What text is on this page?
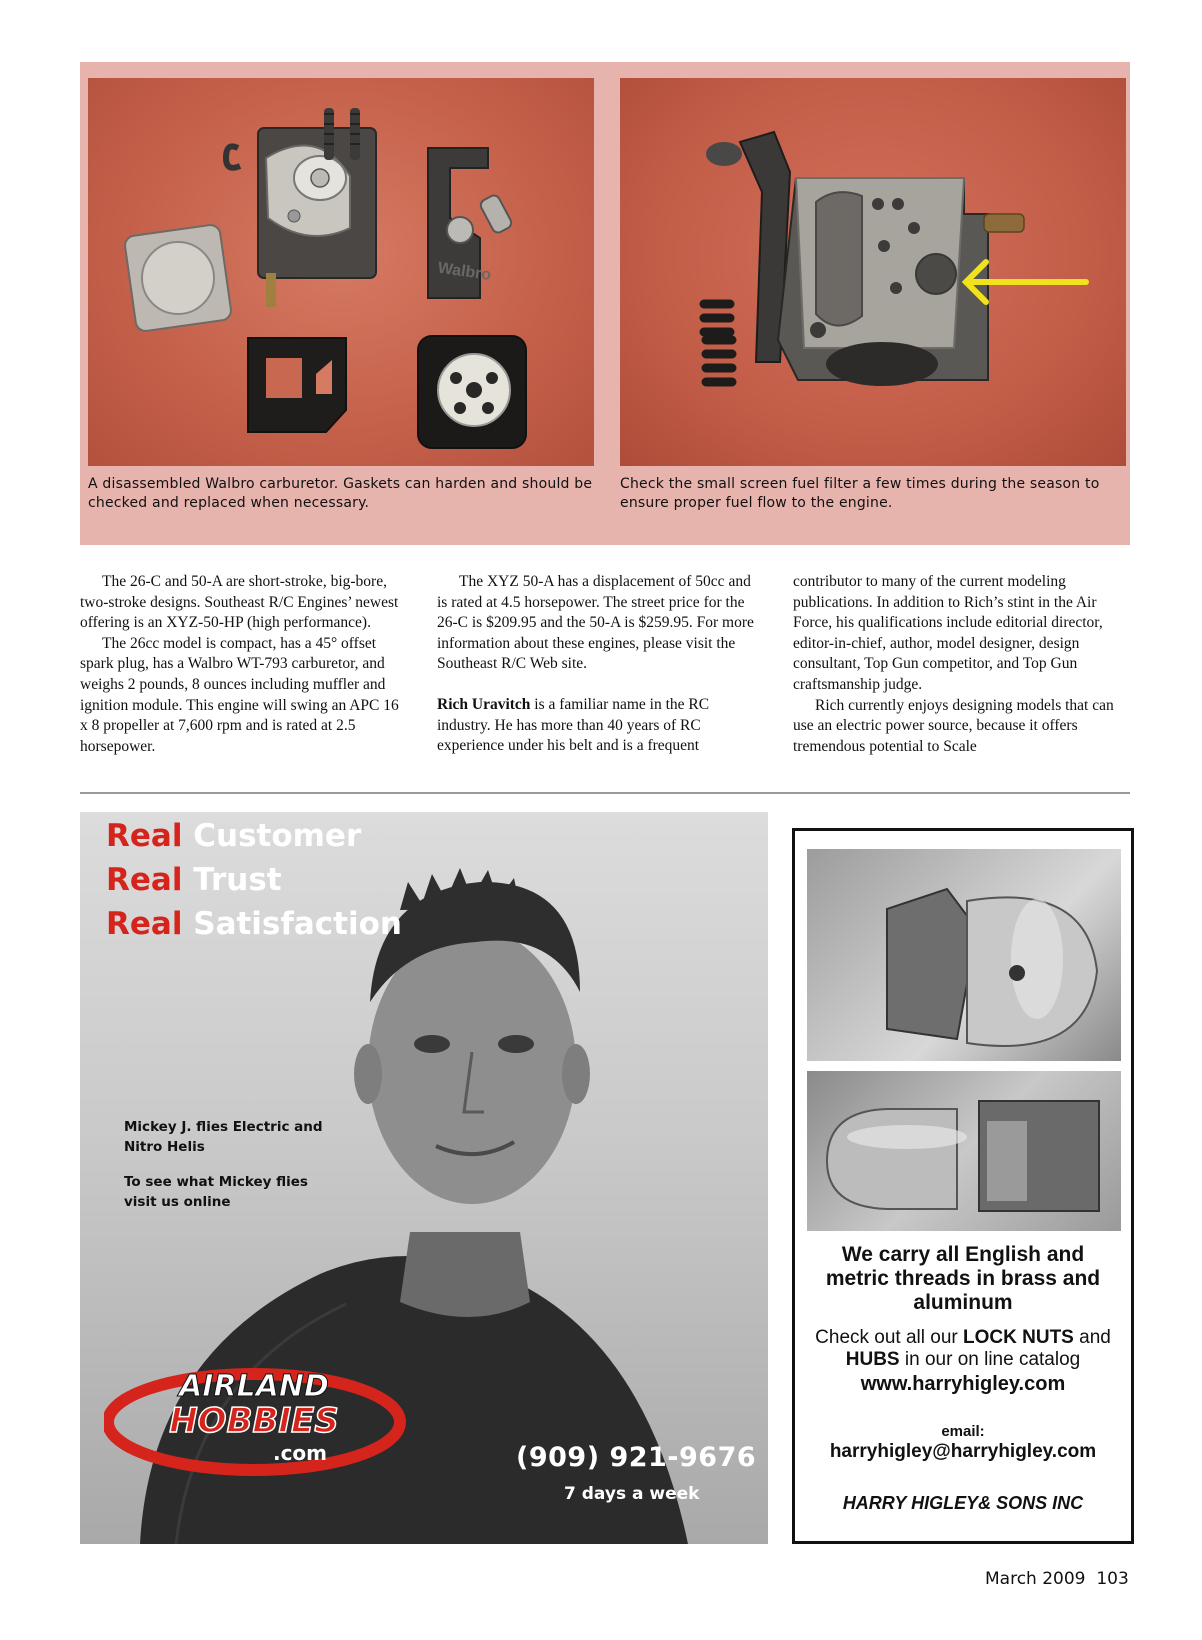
Walbro
A disassembled Walbro carburetor. Gaskets can harden and should be checked and replaced when necessary.
Check the small screen fuel filter a few times during the season to ensure proper fuel flow to the engine.

The 26-C and 50-A are short-stroke, big-bore, two-stroke designs. Southeast R/C Engines’ newest offering is an XYZ-50-HP (high performance).

The 26cc model is compact, has a 45° offset spark plug, has a Walbro WT-793 carburetor, and weighs 2 pounds, 8 ounces including muffler and ignition module. This engine will swing an APC 16 x 8 propeller at 7,600 rpm and is rated at 2.5 horsepower.

The XYZ 50-A has a displacement of 50cc and is rated at 4.5 horsepower. The street price for the 26-C is $209.95 and the 50-A is $259.95. For more information about these engines, please visit the Southeast R/C Web site.

Rich Uravitch is a familiar name in the RC industry. He has more than 40 years of RC experience under his belt and is a frequent

contributor to many of the current modeling publications. In addition to Rich’s stint in the Air Force, his qualifications include editorial director, editor-in-chief, author, model designer, design consultant, Top Gun competitor, and Top Gun craftsmanship judge.

Rich currently enjoys designing models that can use an electric power source, because it offers tremendous potential to Scale

Real Customer
Real Trust
Real Satisfaction
Mickey J. flies Electric and Nitro Helis
To see what Mickey flies visit us online
AIRLAND
HOBBIES
.com	(909) 921-9676
7 days a week
We carry all English and metric threads in brass and aluminum
Check out all our LOCK NUTS and HUBS in our on line catalog
www.harryhigley.com
email:
harryhigley@harryhigley.com
HARRY HIGLEY& SONS INC
March 2009 103
